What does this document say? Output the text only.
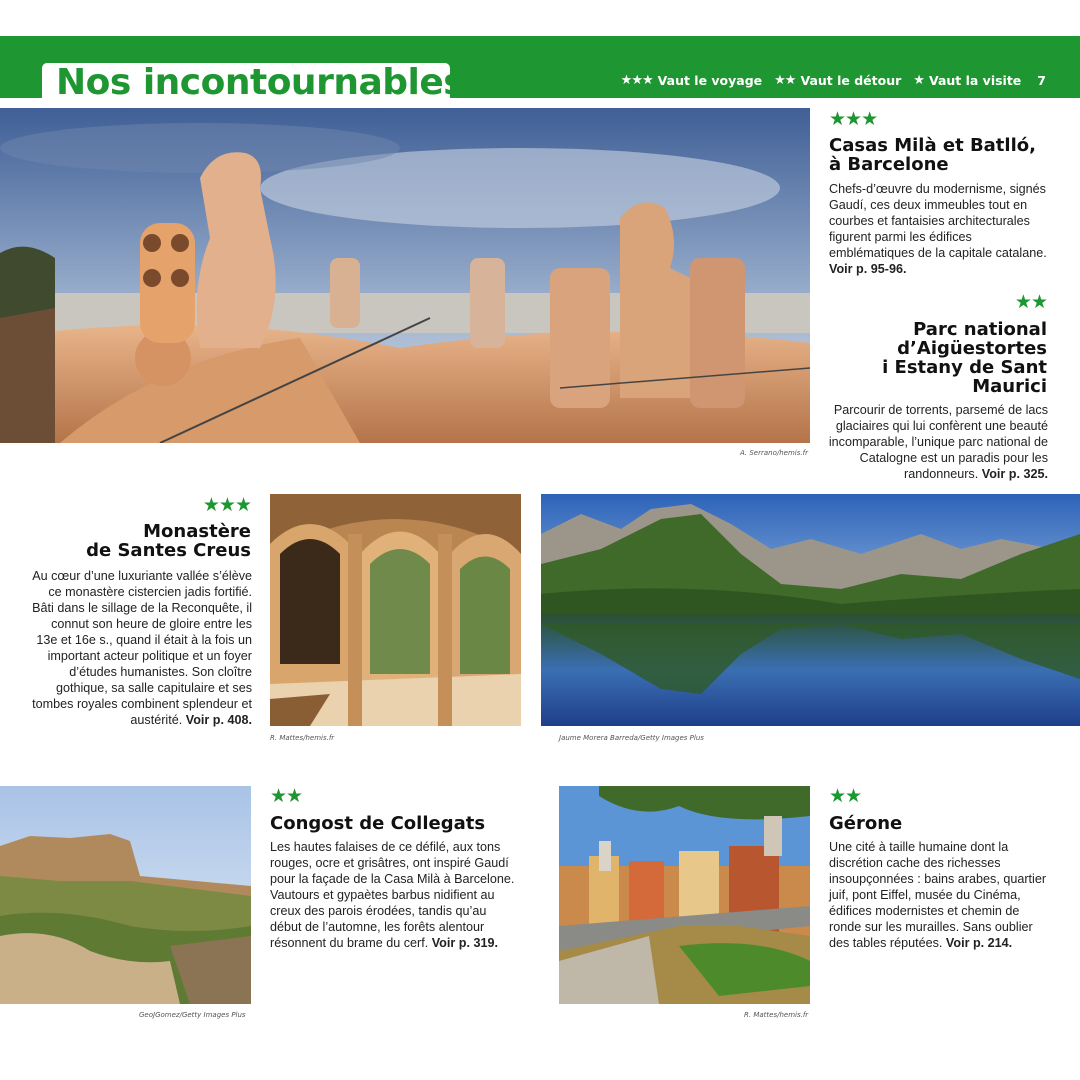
Nos incontournables	★★★ Vaut le voyage ★★ Vaut le détour ★ Vaut la visite 7
A. Serrano/hemis.fr
★★★
Casas Milà et Batlló,
à Barcelone
Chefs-d’œuvre du modernisme, signés Gaudí, ces deux immeubles tout en courbes et fantaisies architecturales figurent parmi les édifices emblématiques de la capitale catalane. Voir p. 95-96.
★★
Parc national
d’Aigüestortes
i Estany de Sant
Maurici
Parcourir de torrents, parsemé de lacs glaciaires qui lui confèrent une beauté incomparable, l’unique parc national de Catalogne est un paradis pour les randonneurs. Voir p. 325.
★★★
Monastère
de Santes Creus
Au cœur d’une luxuriante vallée s’élève ce monastère cistercien jadis fortifié. Bâti dans le sillage de la Reconquête, il connut son heure de gloire entre les 13e et 16e s., quand il était à la fois un important acteur politique et un foyer d’études humanistes. Son cloître gothique, sa salle capitulaire et ses tombes royales combinent splendeur et austérité. Voir p. 408.
R. Mattes/hemis.fr	Jaume Morera Barreda/Getty Images Plus
GeoJGomez/Getty Images Plus
★★
Congost de Collegats
Les hautes falaises de ce défilé, aux tons rouges, ocre et grisâtres, ont inspiré Gaudí pour la façade de la Casa Milà à Barcelone. Vautours et gypaètes barbus nidifient au creux des parois érodées, tandis qu’au début de l’automne, les forêts alentour résonnent du brame du cerf. Voir p. 319.
R. Mattes/hemis.fr
★★
Gérone
Une cité à taille humaine dont la discrétion cache des richesses insoupçonnées : bains arabes, quartier juif, pont Eiffel, musée du Cinéma, édifices modernistes et chemin de ronde sur les murailles. Sans oublier des tables réputées. Voir p. 214.
